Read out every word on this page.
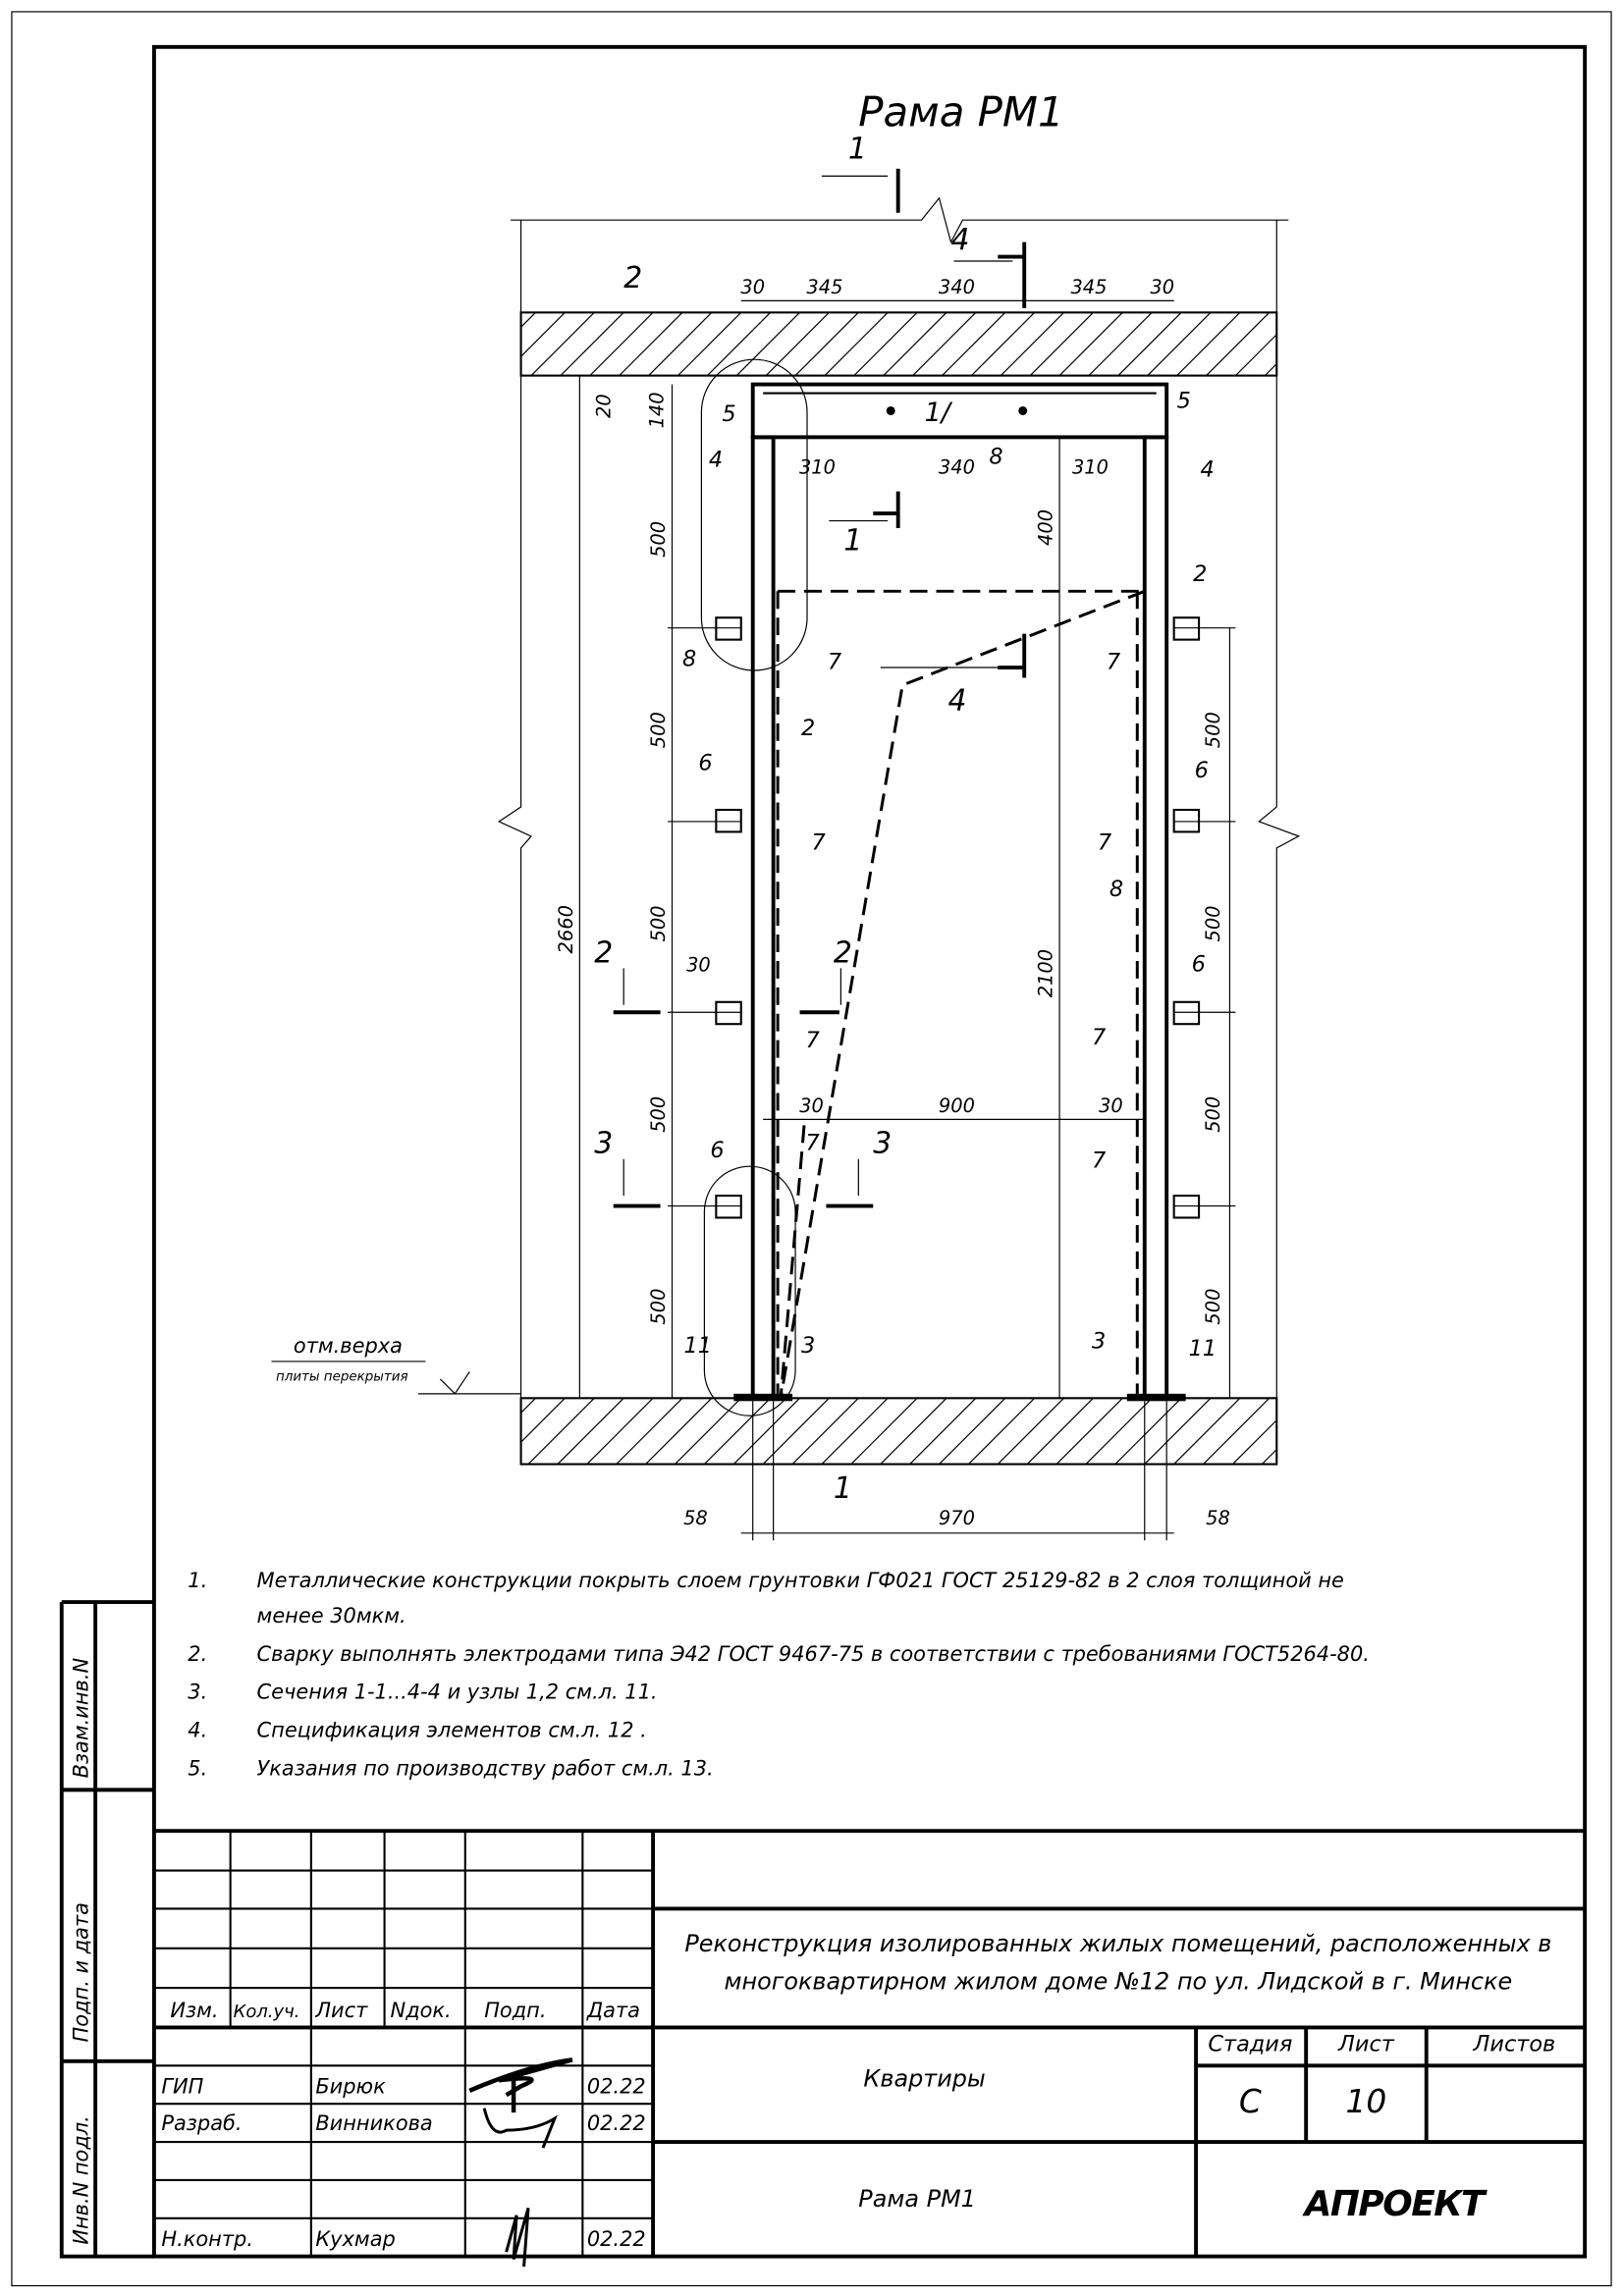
Рама РМ1
30	345	340	345	30
20 140
310	340	310
500
500
500
500
500
500
500
500
500
2660
2100
400
30	900	30
30
58	970	58
1
4
2
5
5
1/
4	4
8
1
2
8	7	7
4
2
6	6
7	7
8
2	2	6
7	7
3	7	3	7
6
11	3	3	11
1
отм.верха
плиты перекрытия
1.	Металлические конструкции покрыть слоем грунтовки ГФ021 ГОСТ 25129-82 в 2 слоя толщиной не
менее 30мкм.
2.	Сварку выполнять электродами типа Э42 ГОСТ 9467-75 в соответствии с требованиями ГОСТ5264-80.
3.	Сечения 1-1...4-4 и узлы 1,2 см.л. 11.
4.	Спецификация элементов см.л. 12 .
5.	Указания по производству работ см.л. 13.
Взам.инв.N
Подп. и дата
Инв.N подл.
Изм. Кол.уч. Лист Nдок. Подп.	Дата
ГИП	Бирюк	02.22
Разраб.	Винникова	02.22
Н.контр.	Кухмар	02.22
Реконструкция изолированных жилых помещений, расположенных в
многоквартирном жилом доме №12 по ул. Лидской в г. Минске
Квартиры
Рама РМ1
Стадия	Лист	Листов
С	10
АПРОЕКТ
